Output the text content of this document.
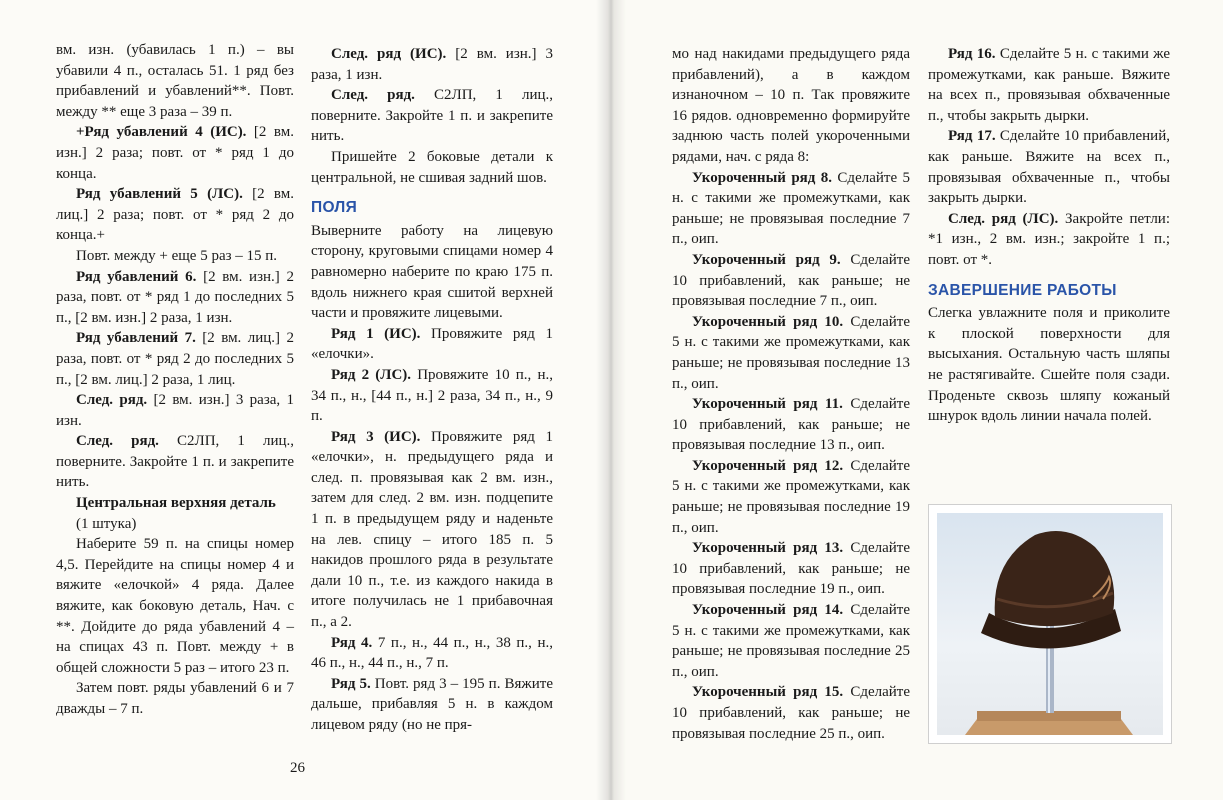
вм. изн. (убавилась 1 п.) – вы убавили 4 п., осталась 51. 1 ряд без прибавлений и убавлений**. Повт. между ** еще 3 раза – 39 п.

+Ряд убавлений 4 (ИС). [2 вм. изн.] 2 раза; повт. от * ряд 1 до конца.

Ряд убавлений 5 (ЛС). [2 вм. лиц.] 2 раза; повт. от * ряд 2 до конца.+

Повт. между + еще 5 раз – 15 п.

Ряд убавлений 6. [2 вм. изн.] 2 раза, повт. от * ряд 1 до последних 5 п., [2 вм. изн.] 2 раза, 1 изн.

Ряд убавлений 7. [2 вм. лиц.] 2 раза, повт. от * ряд 2 до последних 5 п., [2 вм. лиц.] 2 раза, 1 лиц.

След. ряд. [2 вм. изн.] 3 раза, 1 изн.

След. ряд. С2ЛП, 1 лиц., поверните. Закройте 1 п. и закрепите нить.

Центральная верхняя деталь

(1 штука)

Наберите 59 п. на спицы номер 4,5. Перейдите на спицы номер 4 и вяжите «елочкой» 4 ряда. Далее вяжите, как боковую деталь, Нач. с **. Дойдите до ряда убавлений 4 – на спицах 43 п. Повт. между + в общей сложности 5 раз – итого 23 п.

Затем повт. ряды убавлений 6 и 7 дважды – 7 п.

След. ряд (ИС). [2 вм. изн.] 3 раза, 1 изн.

След. ряд. С2ЛП, 1 лиц., поверните. Закройте 1 п. и закрепите нить.

Пришейте 2 боковые детали к центральной, не сшивая задний шов.

ПОЛЯ

Выверните работу на лицевую сторону, круговыми спицами номер 4 равномерно наберите по краю 175 п. вдоль нижнего края сшитой верхней части и провяжите лицевыми.

Ряд 1 (ИС). Провяжите ряд 1 «елочки».

Ряд 2 (ЛС). Провяжите 10 п., н., 34 п., н., [44 п., н.] 2 раза, 34 п., н., 9 п.

Ряд 3 (ИС). Провяжите ряд 1 «елочки», н. предыдущего ряда и след. п. провязывая как 2 вм. изн., затем для след. 2 вм. изн. подцепите 1 п. в предыдущем ряду и наденьте на лев. спицу – итого 185 п. 5 накидов прошлого ряда в результате дали 10 п., т.е. из каждого накида в итоге получилась не 1 прибавочная п., а 2.

Ряд 4. 7 п., н., 44 п., н., 38 п., н., 46 п., н., 44 п., н., 7 п.

Ряд 5. Повт. ряд 3 – 195 п. Вяжите дальше, прибавляя 5 н. в каждом лицевом ряду (но не пря-

26

мо над накидами предыдущего ряда прибавлений), а в каждом изнаночном – 10 п. Так провяжите 16 рядов. одновременно формируйте заднюю часть полей укороченными рядами, нач. с ряда 8:

Укороченный ряд 8. Сделайте 5 н. с такими же промежутками, как раньше; не провязывая последние 7 п., оип.

Укороченный ряд 9. Сделайте 10 прибавлений, как раньше; не провязывая последние 7 п., оип.

Укороченный ряд 10. Сделайте 5 н. с такими же промежутками, как раньше; не провязывая последние 13 п., оип.

Укороченный ряд 11. Сделайте 10 прибавлений, как раньше; не провязывая последние 13 п., оип.

Укороченный ряд 12. Сделайте 5 н. с такими же промежутками, как раньше; не провязывая последние 19 п., оип.

Укороченный ряд 13. Сделайте 10 прибавлений, как раньше; не провязывая последние 19 п., оип.

Укороченный ряд 14. Сделайте 5 н. с такими же промежутками, как раньше; не провязывая последние 25 п., оип.

Укороченный ряд 15. Сделайте 10 прибавлений, как раньше; не провязывая последние 25 п., оип.

Ряд 16. Сделайте 5 н. с такими же промежутками, как раньше. Вяжите на всех п., провязывая обхваченные п., чтобы закрыть дырки.

Ряд 17. Сделайте 10 прибавлений, как раньше. Вяжите на всех п., провязывая обхваченные п., чтобы закрыть дырки.

След. ряд (ЛС). Закройте петли: *1 изн., 2 вм. изн.; закройте 1 п.; повт. от *.

ЗАВЕРШЕНИЕ РАБОТЫ

Слегка увлажните поля и приколите к плоской поверхности для высыхания. Остальную часть шляпы не растягивайте. Сшейте поля сзади. Проденьте сквозь шляпу кожаный шнурок вдоль линии начала полей.
